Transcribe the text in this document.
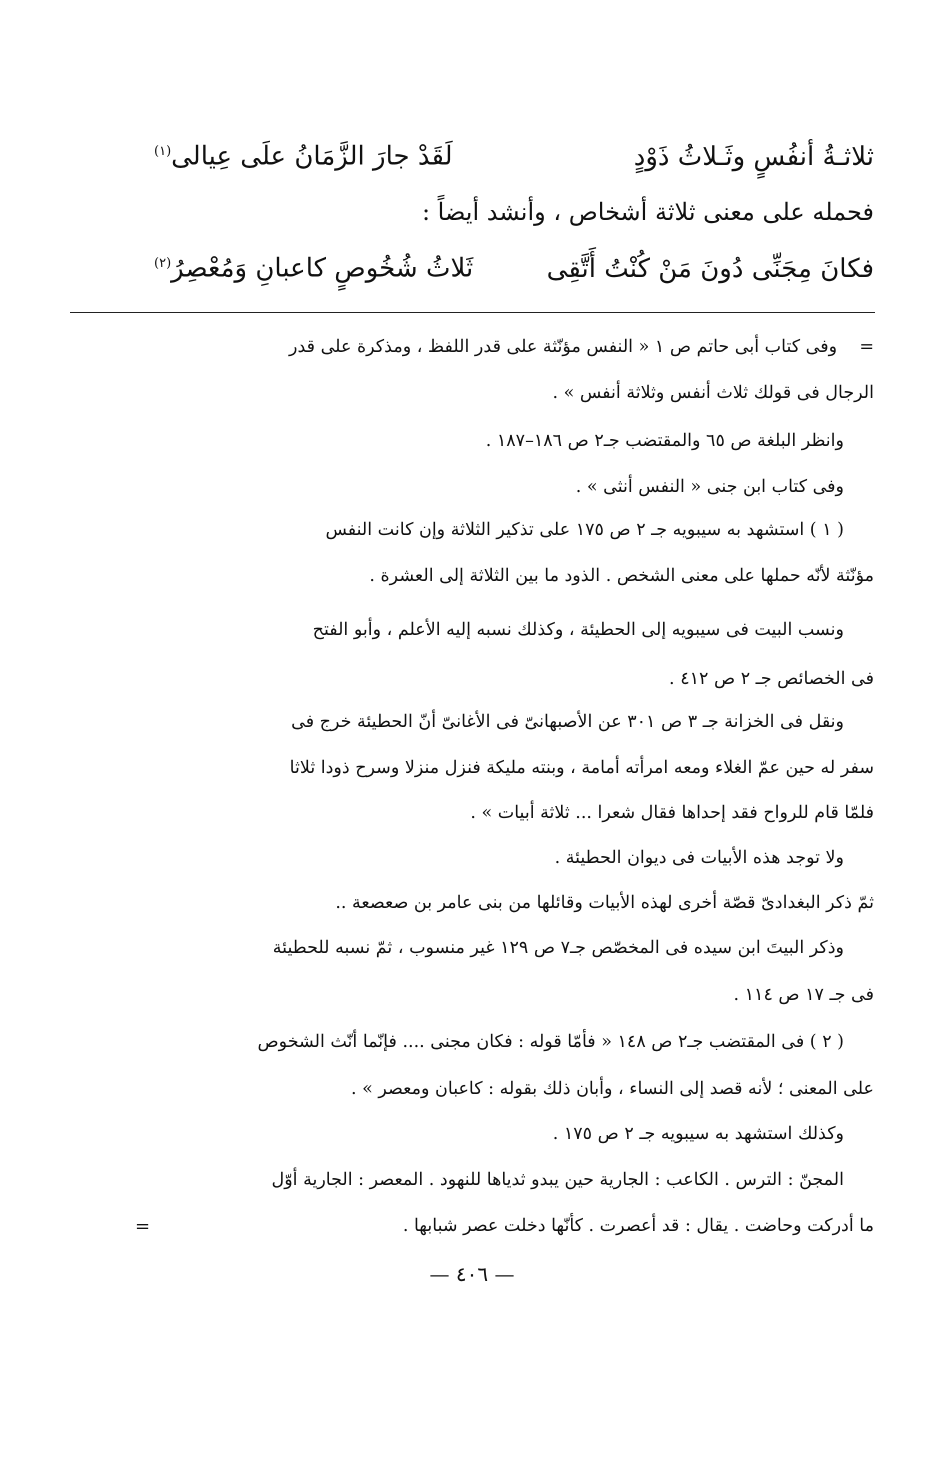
ثلاثـةُ أنفُسٍ وثَـلاثُ ذَوْدٍ
لَقَدْ جارَ الزَّمَانُ علَى عِيالى$^{(١)}$
فحمله على معنى ثلاثة أشخاص ، وأنشد أيضاً :
فكانَ مِجَنِّى دُونَ مَنْ كُنْتُ أَتَّقِى
ثَلاثُ شُخُوصٍ كاعبانِ وَمُعْصِرُ$^{(٢)}$
=    وفى كتاب أبى حاتم ص ١ « النفس مؤنّثة على قدر اللفظ ، ومذكرة على قدر
الرجال فى قولك ثلاث أنفس وثلاثة أنفس » .
وانظر البلغة ص ٦٥ والمقتضب جـ٢ ص ١٨٦–١٨٧ .
وفى كتاب ابن جنى « النفس أنثى » .
( ١ ) استشهد به سيبويه جـ ٢ ص ١٧٥ على تذكير الثلاثة وإن كانت النفس
مؤنّثة لأنّه حملها على معنى الشخص . الذود ما بين الثلاثة إلى العشرة .
ونسب البيت فى سيبويه إلى الحطيئة ، وكذلك نسبه إليه الأعلم ، وأبو الفتح
فى الخصائص جـ ٢ ص ٤١٢ .
ونقل فى الخزانة جـ ٣ ص ٣٠١ عن الأصبهانىّ فى الأغانىّ أنّ الحطيئة خرج فى
سفر له حين عمّ الغلاء ومعه امرأته أمامة ، وبنته مليكة فنزل منزلا وسرح ذودا ثلاثا
فلمّا قام للرواح فقد إحداها فقال شعرا ... ثلاثة أبيات » .
ولا توجد هذه الأبيات فى ديوان الحطيئة .
ثمّ ذكر البغدادىّ قصّة أخرى لهذه الأبيات وقائلها من بنى عامر بن صعصعة ..
وذكر البيتَ ابن سيده فى المخصّص جـ٧ ص ١٢٩ غير منسوب ، ثمّ نسبه للحطيئة
فى جـ ١٧ ص ١١٤ .
( ٢ ) فى المقتضب جـ٢ ص ١٤٨ « فأمّا قوله : فكان مجنى .... فإنّما أنّث الشخوص
على المعنى ؛ لأنه قصد إلى النساء ، وأبان ذلك بقوله : كاعبان ومعصر » .
وكذلك استشهد به سيبويه جـ ٢ ص ١٧٥ .
المجنّ : الترس . الكاعب : الجارية حين يبدو ثدياها للنهود . المعصر : الجارية أوّل
ما أدركت وحاضت . يقال : قد أعصرت . كأنّها دخلت عصر شبابها .
=
— ٤٠٦ —
